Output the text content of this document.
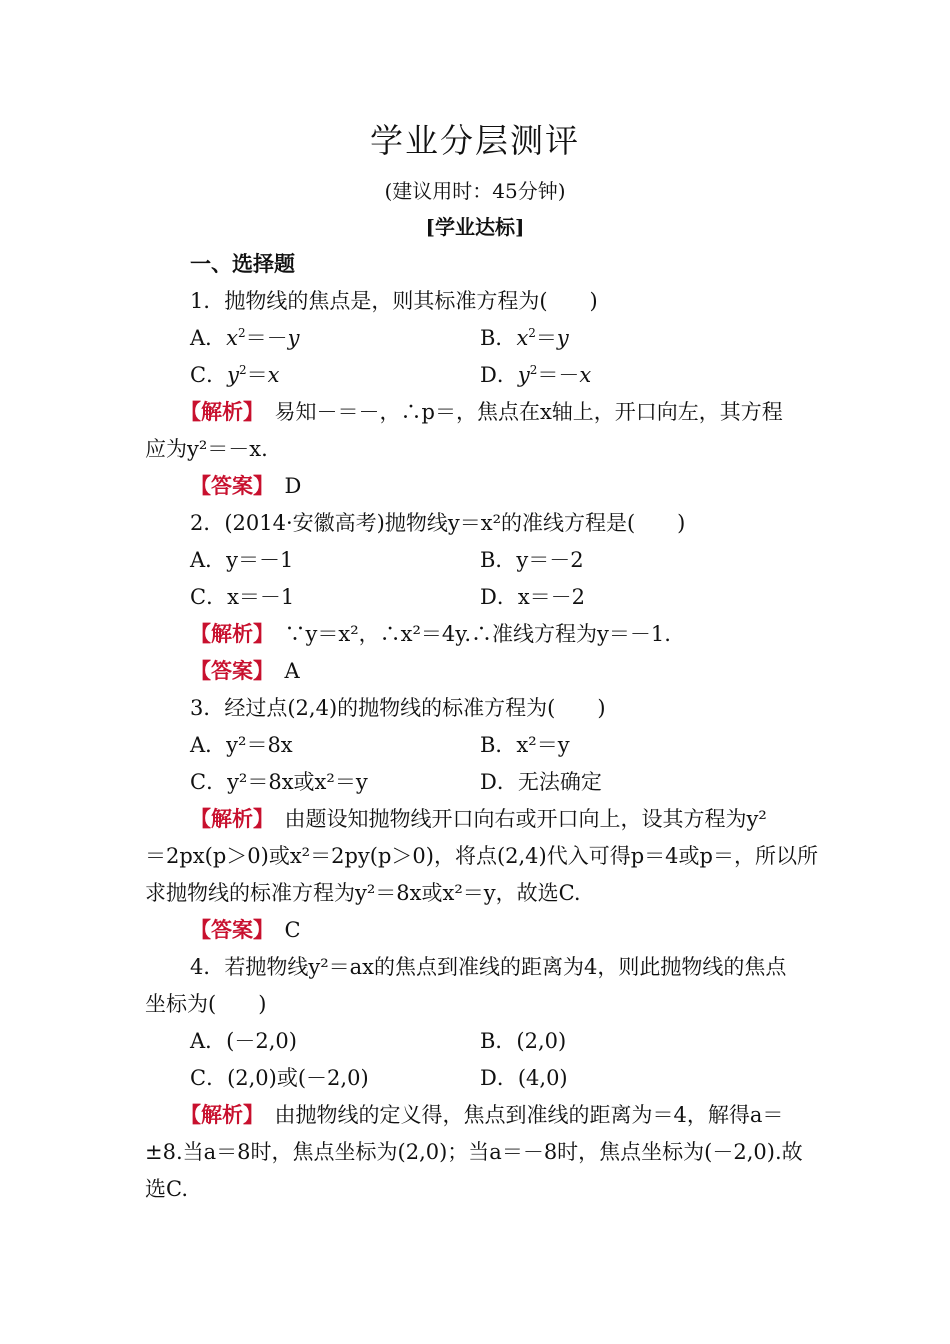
学业分层测评
(建议用时：45分钟)
[学业达标]
一、选择题
1．抛物线的焦点是，则其标准方程为(　　)
A．$x^2=-y$	B．$x^2=y$
C．$y^2=x$	D．$y^2=-x$
【解析】　 易知－＝－，∴p＝，焦点在x轴上，开口向左，其方程
应为y²＝－x.
【答案】　 D
2．(2014·安徽高考)抛物线y＝x²的准线方程是(　　)
A．y＝－1	B．y＝－2
C．x＝－1	D．x＝－2
【解析】　 ∵y＝x²，∴x²＝4y.∴准线方程为y＝－1.
【答案】　 A
3．经过点(2,4)的抛物线的标准方程为(　　)
A．y²＝8x	B．x²＝y
C．y²＝8x或x²＝y	D．无法确定
【解析】　 由题设知抛物线开口向右或开口向上，设其方程为y²
＝2px(p＞0)或x²＝2py(p＞0)，将点(2,4)代入可得p＝4或p＝，所以所
求抛物线的标准方程为y²＝8x或x²＝y，故选C.
【答案】　 C
4．若抛物线y²＝ax的焦点到准线的距离为4，则此抛物线的焦点
坐标为(　　)
A．(－2,0)	B．(2,0)
C．(2,0)或(－2,0)	D．(4,0)
【解析】　 由抛物线的定义得，焦点到准线的距离为＝4，解得a＝
±8.当a＝8时，焦点坐标为(2,0)；当a＝－8时，焦点坐标为(－2,0).故
选C.
